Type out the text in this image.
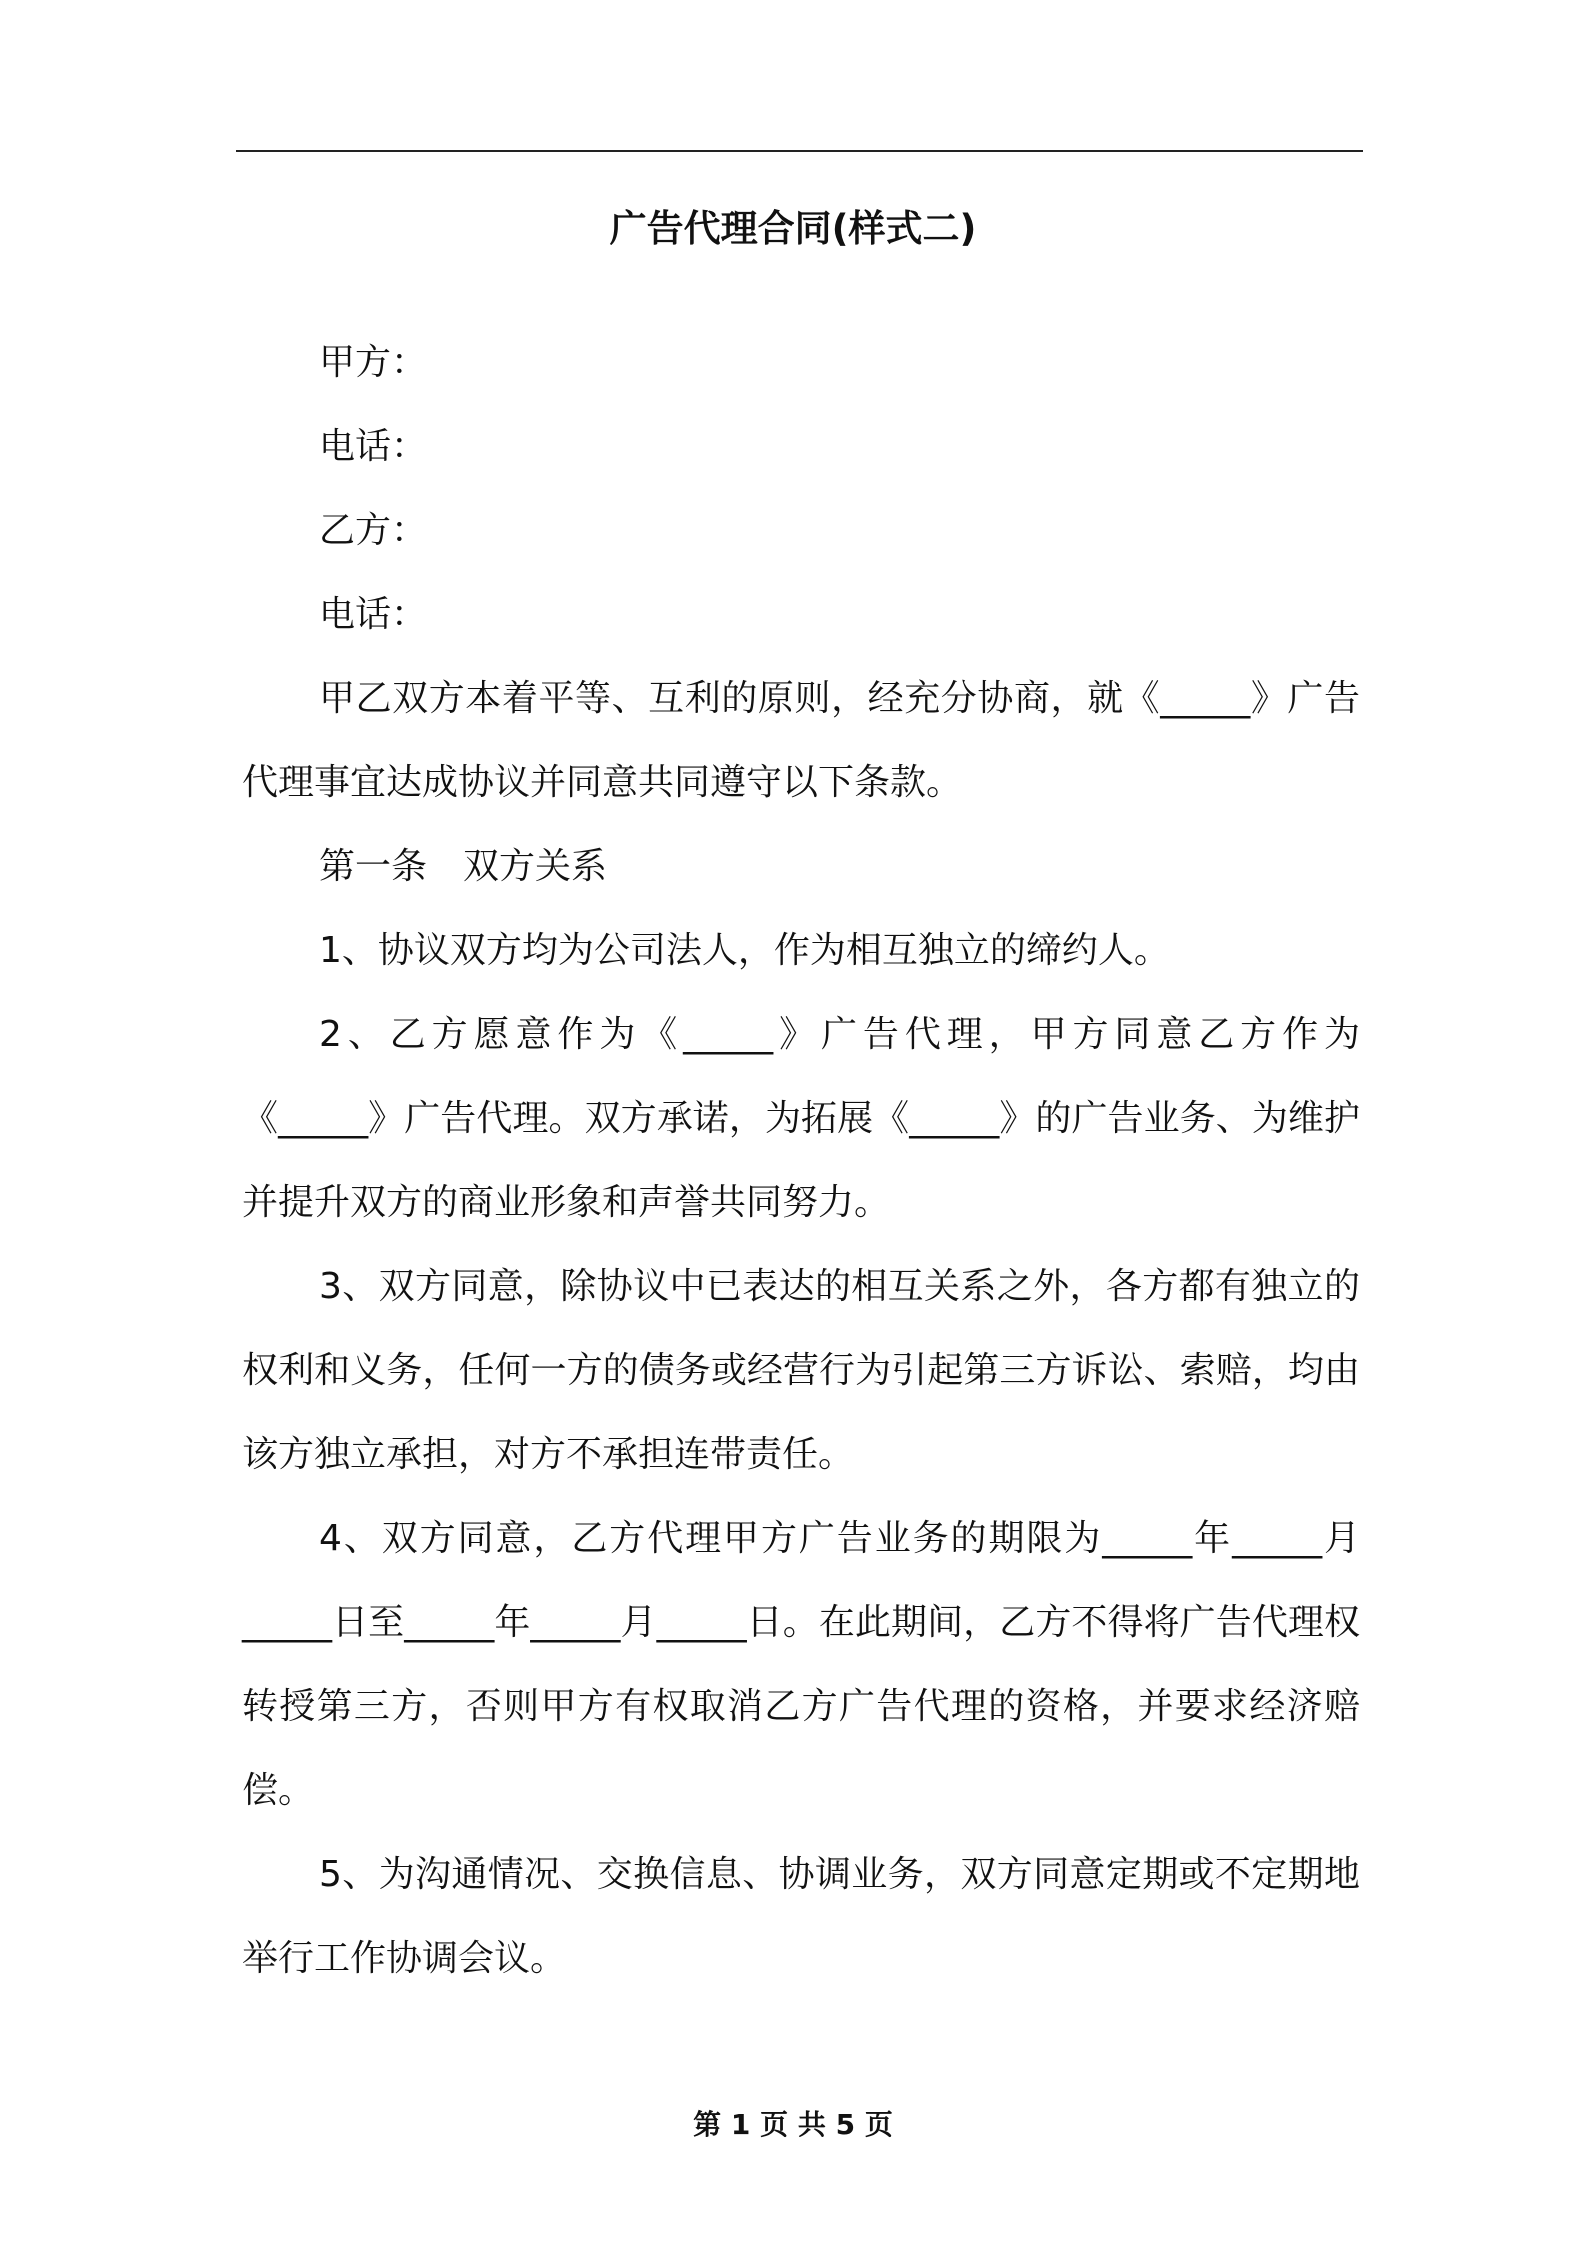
广告代理合同(样式二)

甲方：

电话：

乙方：

电话：

甲乙双方本着平等、互利的原则，经充分协商，就《_____》广告代理事宜达成协议并同意共同遵守以下条款。

第一条　双方关系

1、协议双方均为公司法人，作为相互独立的缔约人。

2、乙方愿意作为《_____》广告代理，甲方同意乙方作为《_____》广告代理。双方承诺，为拓展《_____》的广告业务、为维护并提升双方的商业形象和声誉共同努力。

3、双方同意，除协议中已表达的相互关系之外，各方都有独立的权利和义务，任何一方的债务或经营行为引起第三方诉讼、索赔，均由该方独立承担，对方不承担连带责任。

4、双方同意，乙方代理甲方广告业务的期限为_____年_____月_____日至_____年_____月_____日。在此期间，乙方不得将广告代理权转授第三方，否则甲方有权取消乙方广告代理的资格，并要求经济赔偿。

5、为沟通情况、交换信息、协调业务，双方同意定期或不定期地举行工作协调会议。

第 1 页 共 5 页
